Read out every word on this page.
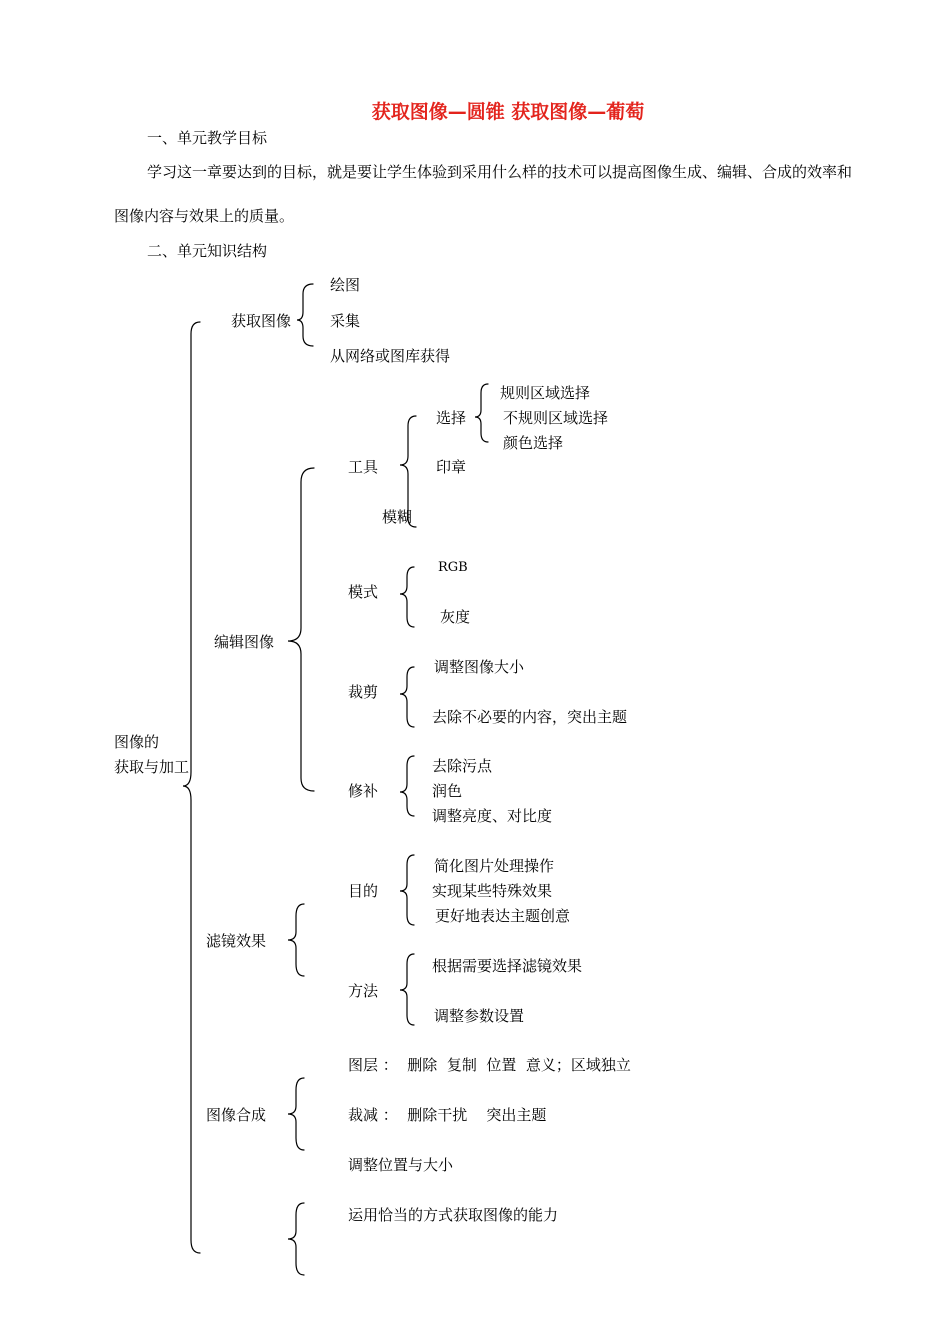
获取图像—圆锥 获取图像—葡萄
一、单元教学目标
学习这一章要达到的目标，就是要让学生体验到采用什么样的技术可以提高图像生成、编辑、合成的效率和图像内容与效果上的质量。
二、单元知识结构
图像的
获取与加工
获取图像
绘图
采集
从网络或图库获得
编辑图像
工具
选择
规则区域选择
不规则区域选择
颜色选择
印章
模糊
模式
RGB
灰度
裁剪
调整图像大小
去除不必要的内容，突出主题
修补
去除污点
润色
调整亮度、对比度
滤镜效果
目的
简化图片处理操作
实现某些特殊效果
更好地表达主题创意
方法
根据需要选择滤镜效果
调整参数设置
图像合成
图层 ：  删除  复制  位置  意义；区域独立
裁减 ：  删除干扰    突出主题
调整位置与大小
运用恰当的方式获取图像的能力
